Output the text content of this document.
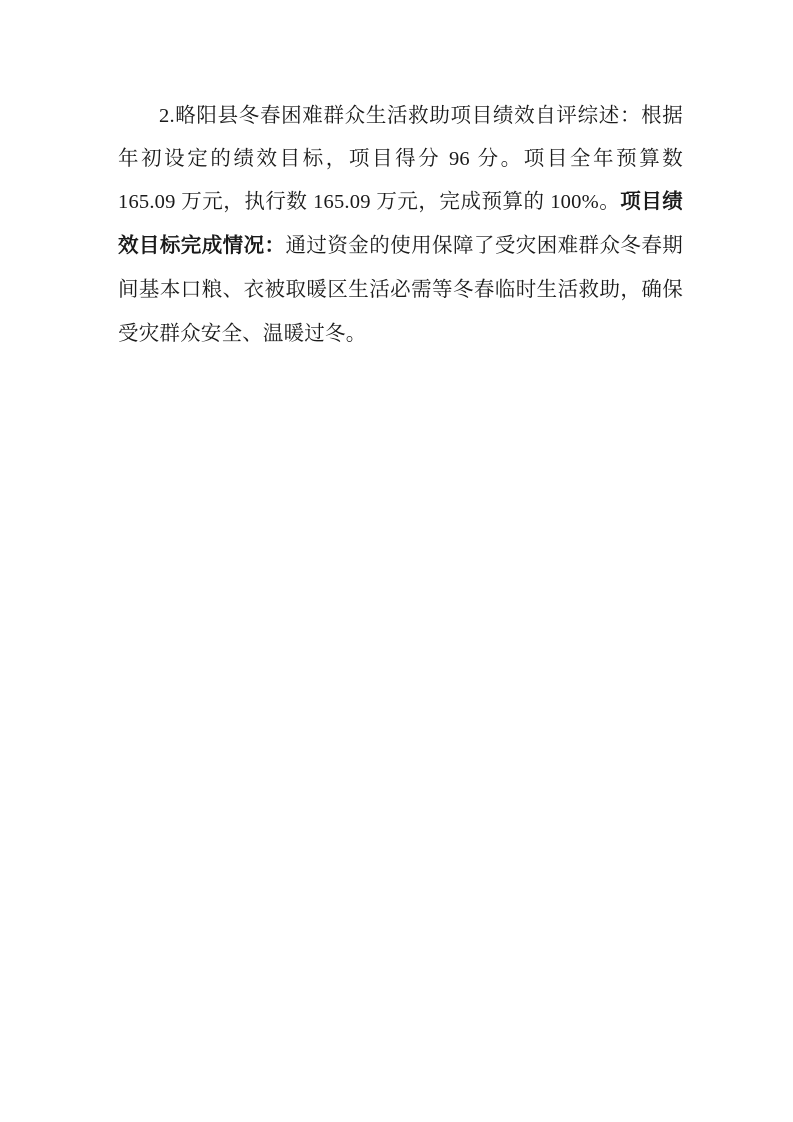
2.略阳县冬春困难群众生活救助项目绩效自评综述：根据年初设定的绩效目标，项目得分 96 分。项目全年预算数 165.09 万元，执行数 165.09 万元，完成预算的 100%。项目绩效目标完成情况：通过资金的使用保障了受灾困难群众冬春期间基本口粮、衣被取暖区生活必需等冬春临时生活救助，确保受灾群众安全、温暖过冬。
